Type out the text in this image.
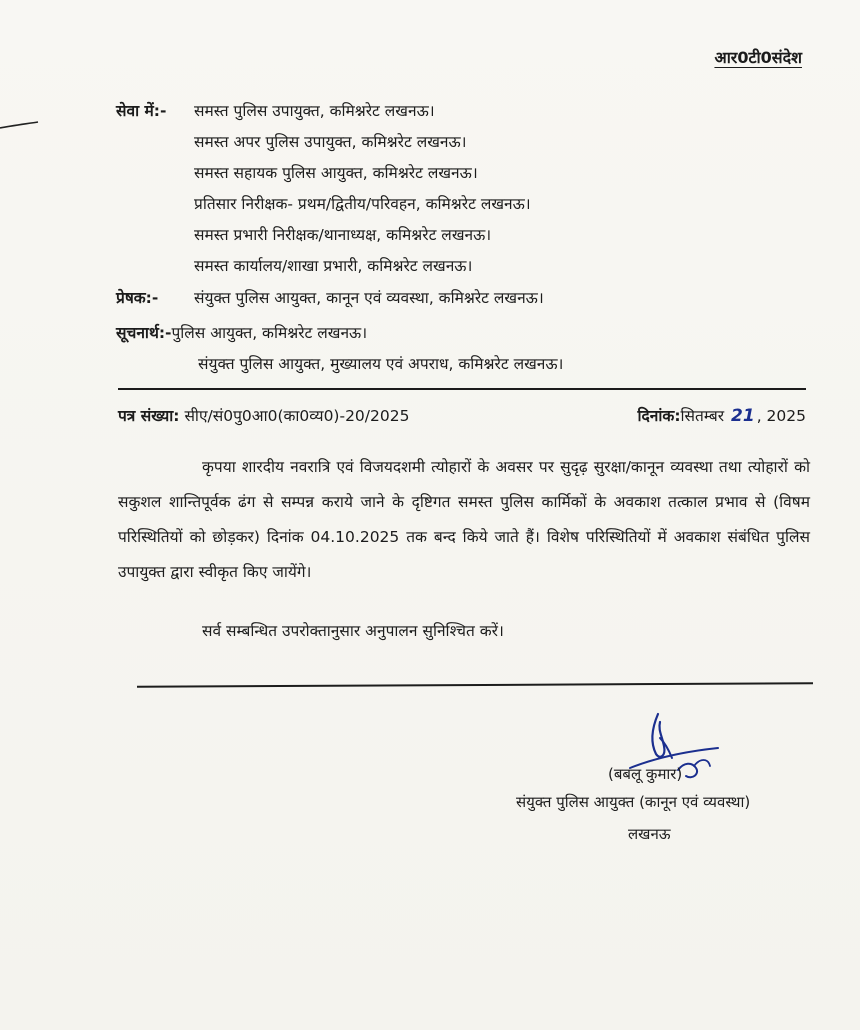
आर0टी0संदेश
सेवा में:- समस्त पुलिस उपायुक्त, कमिश्नरेट लखनऊ।
समस्त अपर पुलिस उपायुक्त, कमिश्नरेट लखनऊ।
समस्त सहायक पुलिस आयुक्त, कमिश्नरेट लखनऊ।
प्रतिसार निरीक्षक- प्रथम/द्वितीय/परिवहन, कमिश्नरेट लखनऊ।
समस्त प्रभारी निरीक्षक/थानाध्यक्ष, कमिश्नरेट लखनऊ।
समस्त कार्यालय/शाखा प्रभारी, कमिश्नरेट लखनऊ।
प्रेषक:- संयुक्त पुलिस आयुक्त, कानून एवं व्यवस्था, कमिश्नरेट लखनऊ।
सूचनार्थ:-पुलिस आयुक्त, कमिश्नरेट लखनऊ।
संयुक्त पुलिस आयुक्त, मुख्यालय एवं अपराध, कमिश्नरेट लखनऊ।
पत्र संख्या: सीए/सं0पु0आ0(का0व्य0)-20/2025	दिनांक:सितम्बर 21 , 2025
कृपया शारदीय नवरात्रि एवं विजयदशमी त्योहारों के अवसर पर सुदृढ़ सुरक्षा/कानून व्यवस्था तथा त्योहारों को सकुशल शान्तिपूर्वक ढंग से सम्पन्न कराये जाने के दृष्टिगत समस्त पुलिस कार्मिकों के अवकाश तत्काल प्रभाव से (विषम परिस्थितियों को छोड़कर) दिनांक 04.10.2025 तक बन्द किये जाते हैं। विशेष परिस्थितियों में अवकाश संबंधित पुलिस उपायुक्त द्वारा स्वीकृत किए जायेंगे।
सर्व सम्बन्धित उपरोक्तानुसार अनुपालन सुनिश्चित करें।
(बबलू कुमार)
संयुक्त पुलिस आयुक्त (कानून एवं व्यवस्था)
लखनऊ
